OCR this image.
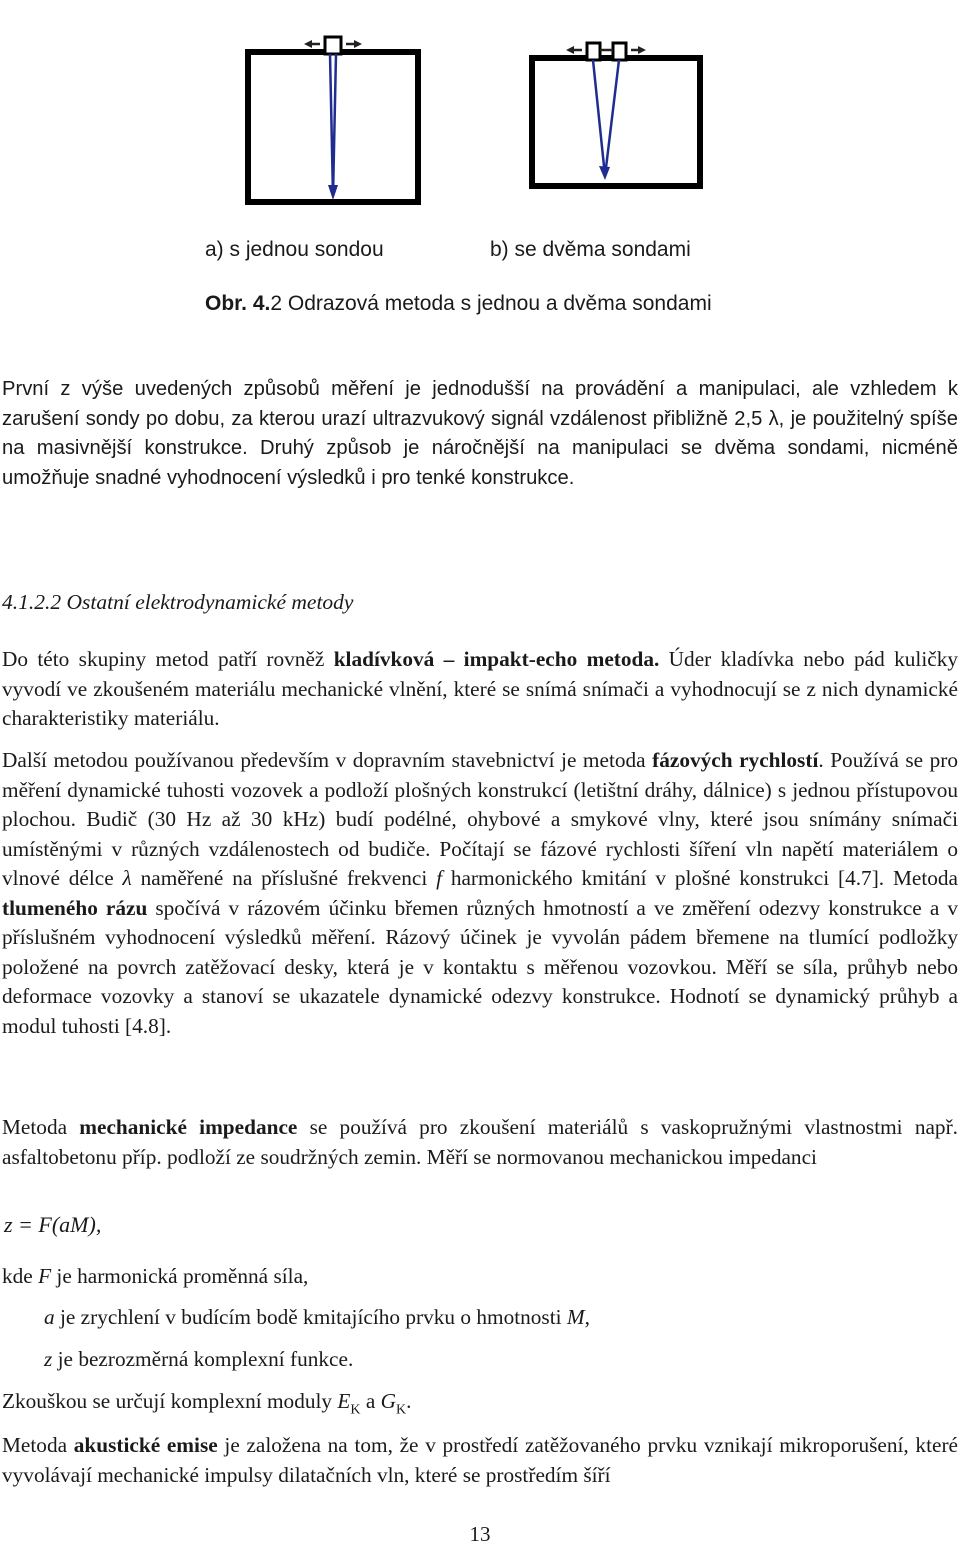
a) s jednou sondou	b) se dvěma sondami
Obr. 4.2 Odrazová metoda s jednou a dvěma sondami

První z výše uvedených způsobů měření je jednodušší na provádění a manipulaci, ale vzhledem k zarušení sondy po dobu, za kterou urazí ultrazvukový signál vzdálenost přibližně 2,5 λ, je použitelný spíše na masivnější konstrukce. Druhý způsob je náročnější na manipulaci se dvěma sondami, nicméně umožňuje snadné vyhodnocení výsledků i pro tenké konstrukce.

4.1.2.2 Ostatní elektrodynamické metody

Do této skupiny metod patří rovněž kladívková – impakt-echo metoda. Úder kladívka nebo pád kuličky vyvodí ve zkoušeném materiálu mechanické vlnění, které se snímá snímači a vyhodnocují se z nich dynamické charakteristiky materiálu.

Další metodou používanou především v dopravním stavebnictví je metoda fázových rychlostí. Používá se pro měření dynamické tuhosti vozovek a podloží plošných konstrukcí (letištní dráhy, dálnice) s jednou přístupovou plochou. Budič (30 Hz až 30 kHz) budí podélné, ohybové a smykové vlny, které jsou snímány snímači umístěnými v různých vzdálenostech od budiče. Počítají se fázové rychlosti šíření vln napětí materiálem o vlnové délce λ naměřené na příslušné frekvenci f harmonického kmitání v plošné konstrukci [4.7]. Metoda tlumeného rázu spočívá v rázovém účinku břemen různých hmotností a ve změření odezvy konstrukce a v příslušném vyhodnocení výsledků měření. Rázový účinek je vyvolán pádem břemene na tlumící podložky položené na povrch zatěžovací desky, která je v kontaktu s měřenou vozovkou. Měří se síla, průhyb nebo deformace vozovky a stanoví se ukazatele dynamické odezvy konstrukce. Hodnotí se dynamický průhyb a modul tuhosti [4.8].

Metoda mechanické impedance se používá pro zkoušení materiálů s vaskopružnými vlastnostmi např. asfaltobetonu příp. podloží ze soudržných zemin. Měří se normovanou mechanickou impedanci

z = F(aM),
kde F je harmonická proměnná síla,
a je zrychlení v budícím bodě kmitajícího prvku o hmotnosti M,
z je bezrozměrná komplexní funkce.
Zkouškou se určují komplexní moduly $E_K$ a $G_K$.

Metoda akustické emise je založena na tom, že v prostředí zatěžovaného prvku vznikají mikroporušení, které vyvolávají mechanické impulsy dilatačních vln, které se prostředím šíří

13
